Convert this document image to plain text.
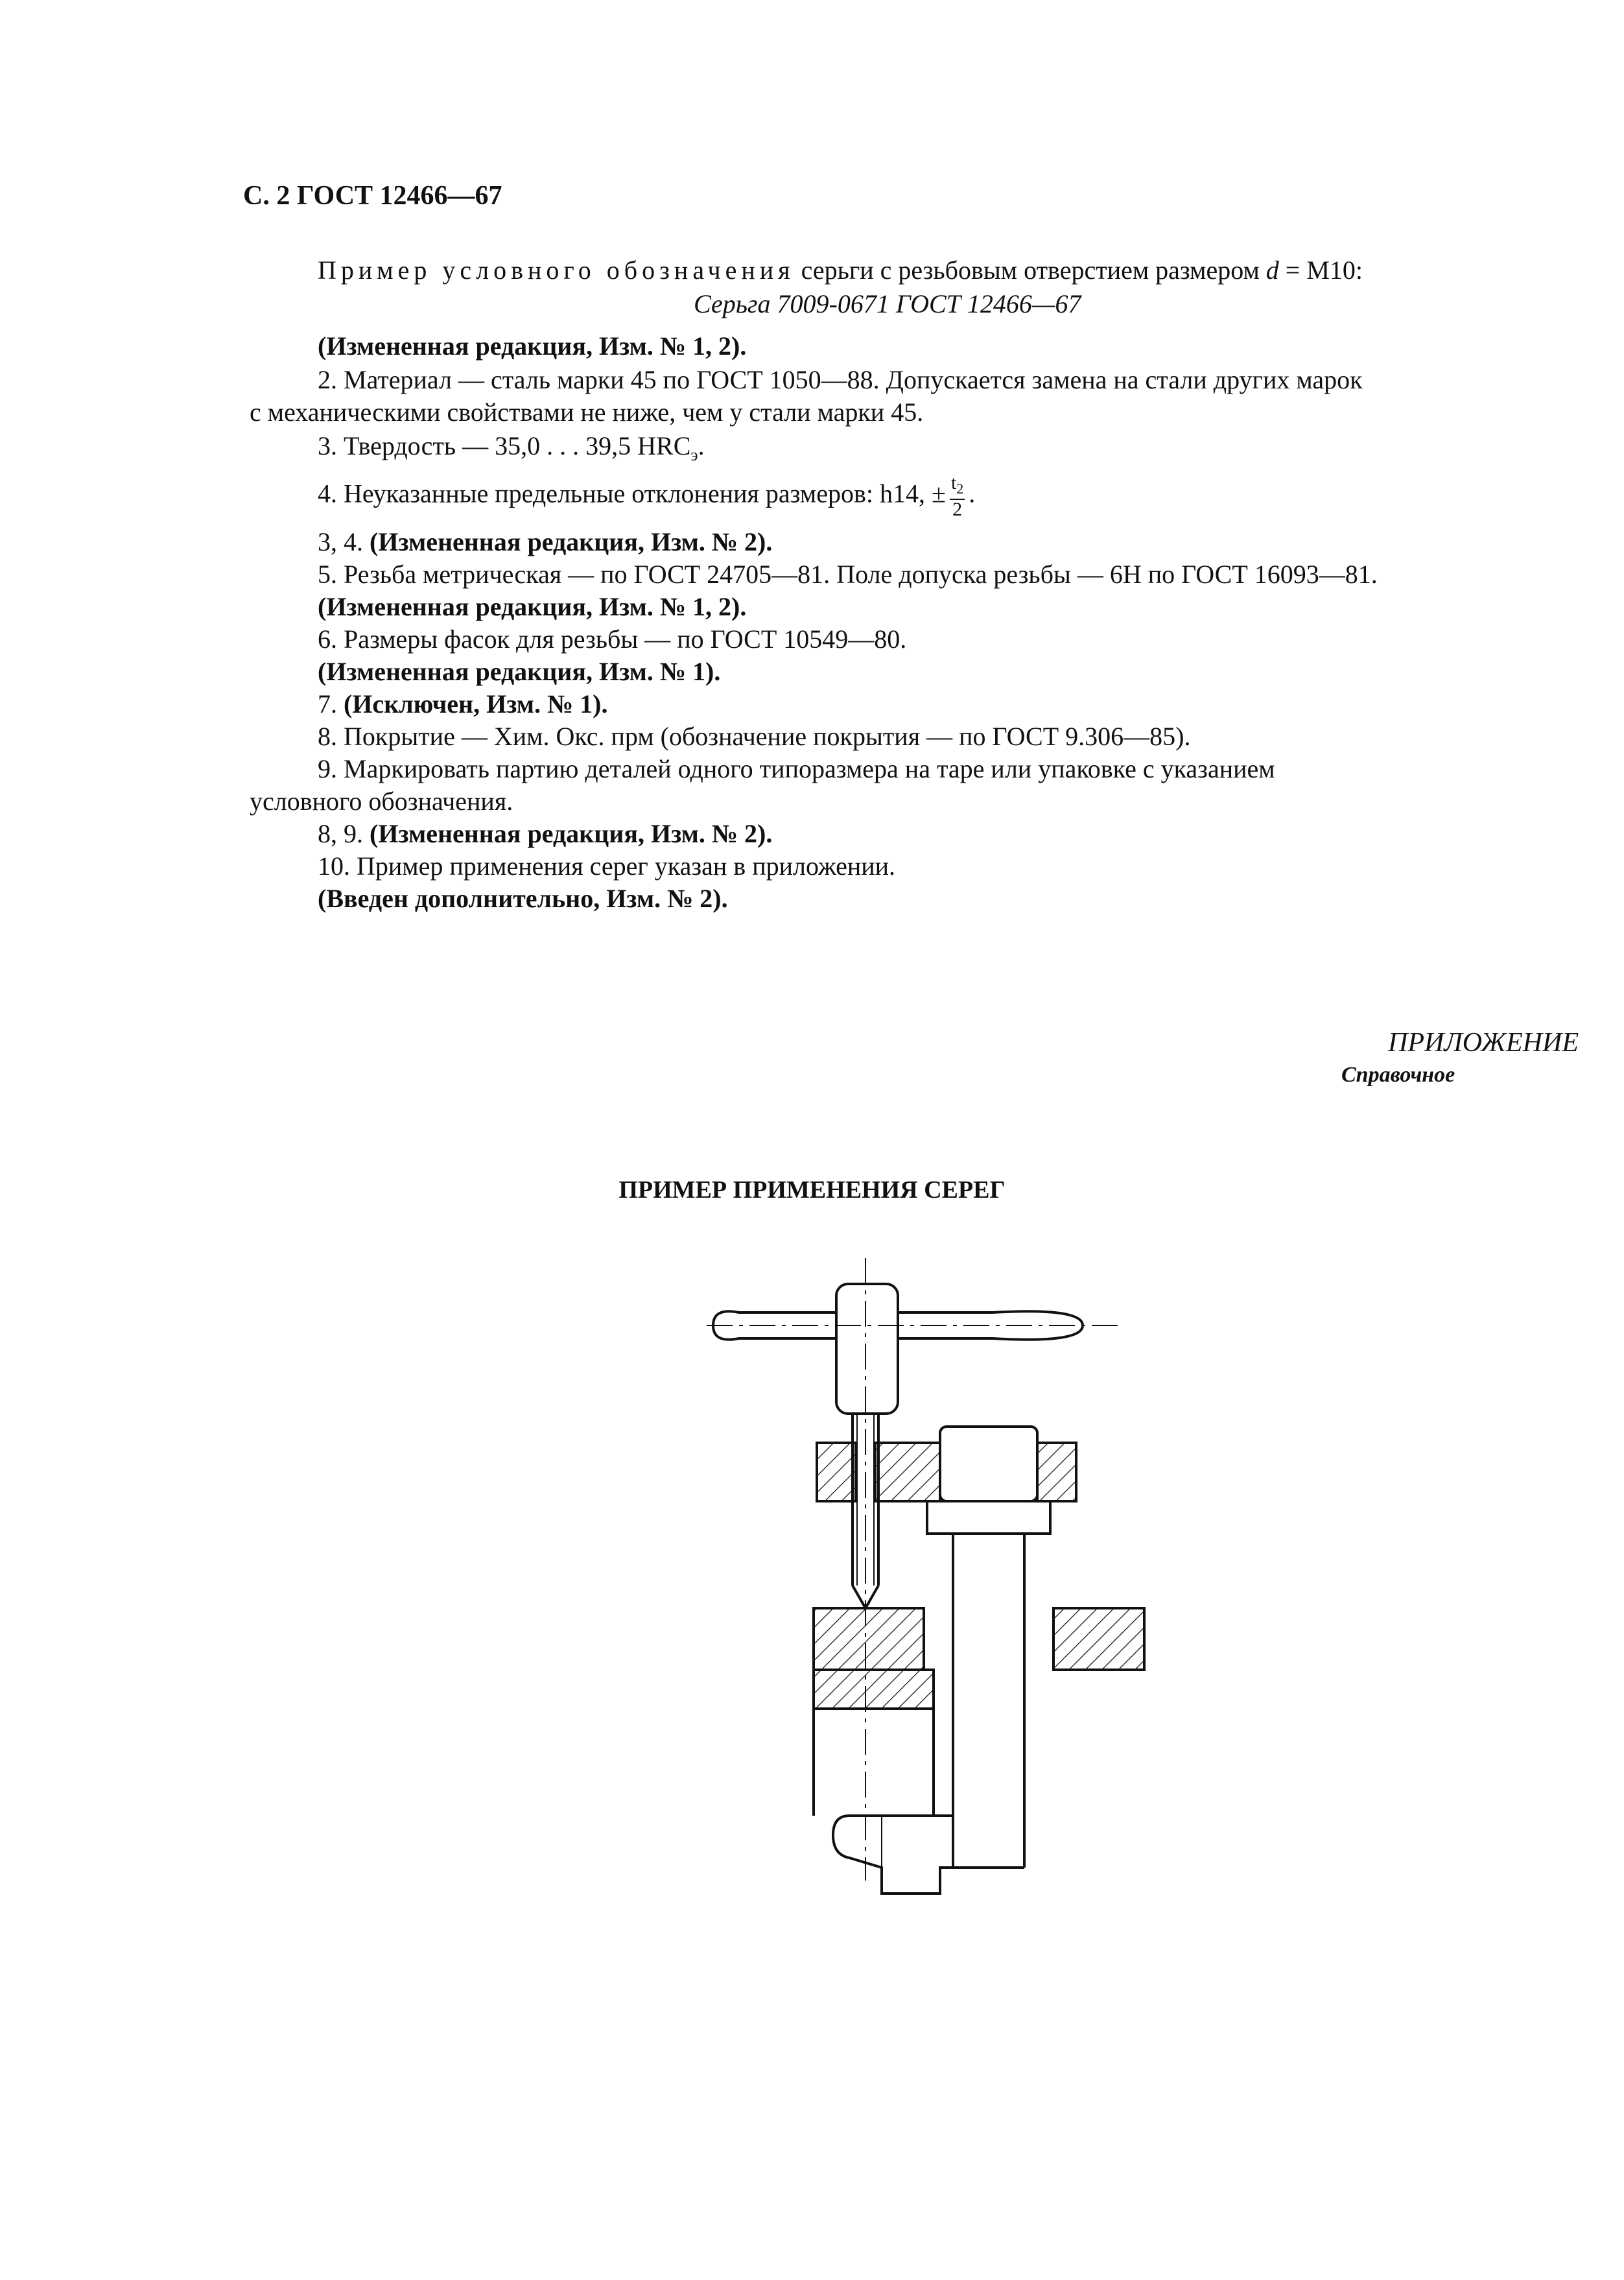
С. 2 ГОСТ 12466—67
Пример условного обозначения серьги с резьбовым отверстием размером d = M10:
Серьга 7009-0671 ГОСТ 12466—67
(Измененная редакция, Изм. № 1, 2).
2. Материал — сталь марки 45 по ГОСТ 1050—88. Допускается замена на стали других марок
с механическими свойствами не ниже, чем у стали марки 45.
3. Твердость — 35,0 . . . 39,5 $HRC_э$.
4. Неуказанные предельные отклонения размеров: h14, ± $\frac{t_2}{2}$ .
3, 4. (Измененная редакция, Изм. № 2).
5. Резьба метрическая — по ГОСТ 24705—81. Поле допуска резьбы — 6H по ГОСТ 16093—81.
(Измененная редакция, Изм. № 1, 2).
6. Размеры фасок для резьбы — по ГОСТ 10549—80.
(Измененная редакция, Изм. № 1).
7. (Исключен, Изм. № 1).
8. Покрытие — Хим. Окс. прм (обозначение покрытия — по ГОСТ 9.306—85).
9. Маркировать партию деталей одного типоразмера на таре или упаковке с указанием
условного обозначения.
8, 9. (Измененная редакция, Изм. № 2).
10. Пример применения серег указан в приложении.
(Введен дополнительно, Изм. № 2).
ПРИЛОЖЕНИЕ
Справочное
ПРИМЕР ПРИМЕНЕНИЯ СЕРЕГ
